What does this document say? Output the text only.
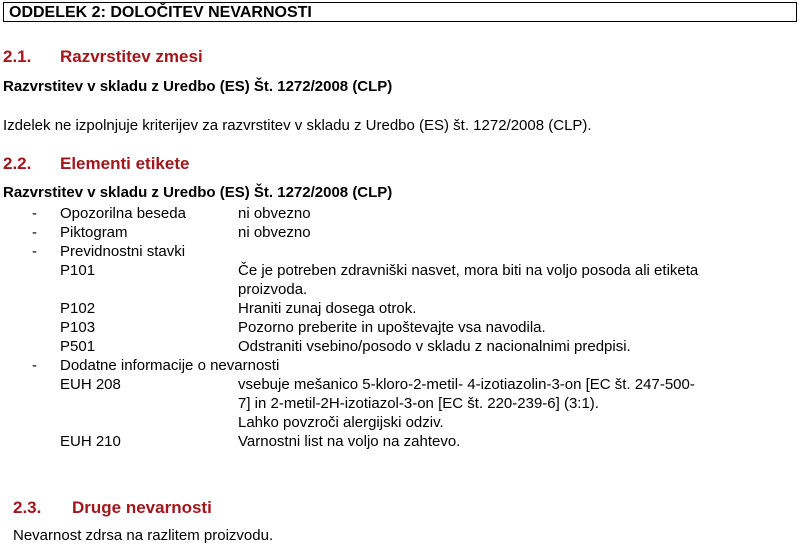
ODDELEK 2: DOLOČITEV NEVARNOSTI
2.1. Razvrstitev zmesi
Razvrstitev v skladu z Uredbo (ES) Št. 1272/2008 (CLP)
Izdelek ne izpolnjuje kriterijev za razvrstitev v skladu z Uredbo (ES) št. 1272/2008 (CLP).
2.2. Elementi etikete
Razvrstitev v skladu z Uredbo (ES) Št. 1272/2008 (CLP)
- Opozorilna beseda	ni obvezno
- Piktogram	ni obvezno
- Previdnostni stavki
P101	Če je potreben zdravniški nasvet, mora biti na voljo posoda ali etiketa
proizvoda.
P102	Hraniti zunaj dosega otrok.
P103	Pozorno preberite in upoštevajte vsa navodila.
P501	Odstraniti vsebino/posodo v skladu z nacionalnimi predpisi.
- Dodatne informacije o nevarnosti
EUH 208	vsebuje mešanico 5-kloro-2-metil- 4-izotiazolin-3-on [EC št. 247-500-
7] in 2-metil-2H-izotiazol-3-on [EC št. 220-239-6] (3:1).
Lahko povzroči alergijski odziv.
EUH 210	Varnostni list na voljo na zahtevo.
2.3. Druge nevarnosti
Nevarnost zdrsa na razlitem proizvodu.
